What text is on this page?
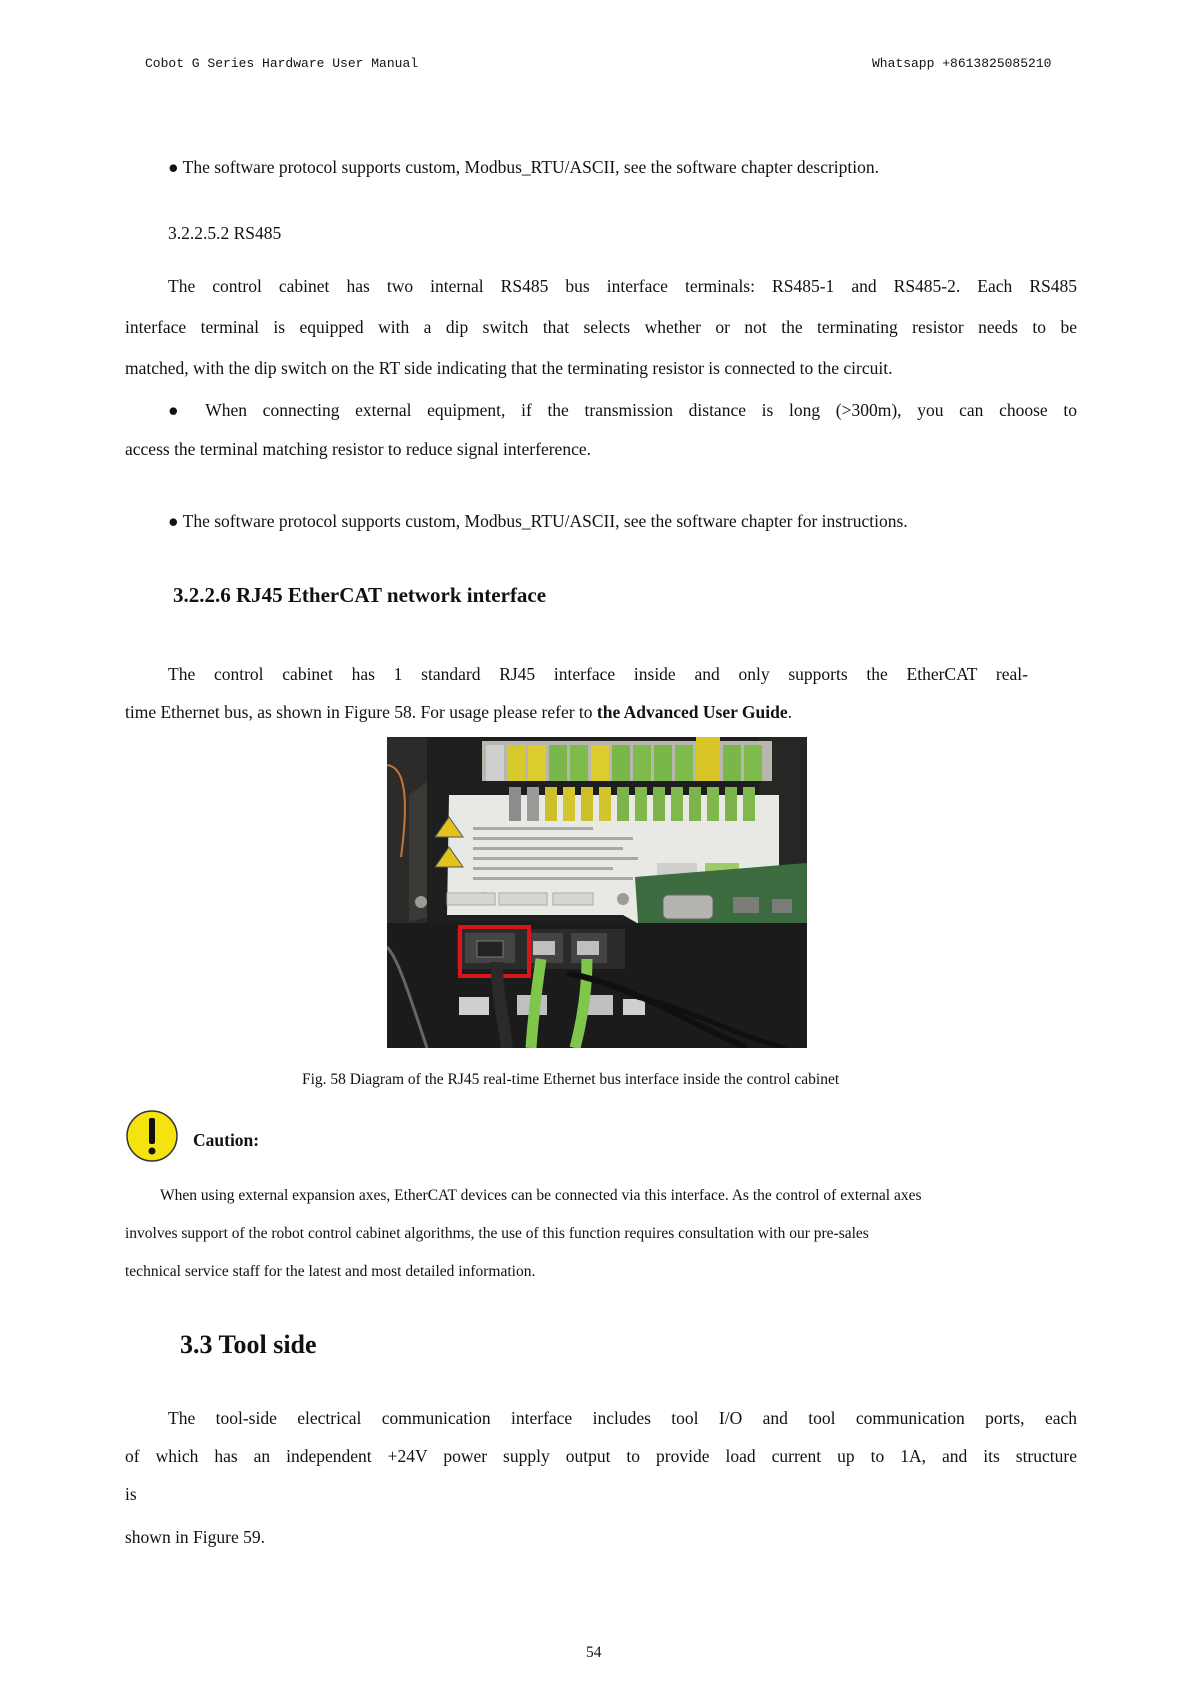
Cobot G Series Hardware User Manual	Whatsapp +8613825085210
● The software protocol supports custom, Modbus_RTU/ASCII, see the software chapter description.
3.2.2.5.2 RS485
The control cabinet has two internal RS485 bus interface terminals: RS485-1 and RS485-2. Each RS485
interface terminal is equipped with a dip switch that selects whether or not the terminating resistor needs to be
matched, with the dip switch on the RT side indicating that the terminating resistor is connected to the circuit.
● When connecting external equipment, if the transmission distance is long (>300m), you can choose to
access the terminal matching resistor to reduce signal interference.
● The software protocol supports custom, Modbus_RTU/ASCII, see the software chapter for instructions.
3.2.2.6 RJ45 EtherCAT network interface
The control cabinet has 1 standard RJ45 interface inside and only supports the EtherCAT real-
time Ethernet bus, as shown in Figure 58. For usage please refer to the Advanced User Guide.
Fig. 58 Diagram of the RJ45 real-time Ethernet bus interface inside the control cabinet
Caution:
When using external expansion axes, EtherCAT devices can be connected via this interface. As the control of external axes
involves support of the robot control cabinet algorithms, the use of this function requires consultation with our pre-sales
technical service staff for the latest and most detailed information.
3.3 Tool side
The tool-side electrical communication interface includes tool I/O and tool communication ports, each
of which has an independent +24V power supply output to provide load current up to 1A, and its structure
is
shown in Figure 59.
54
